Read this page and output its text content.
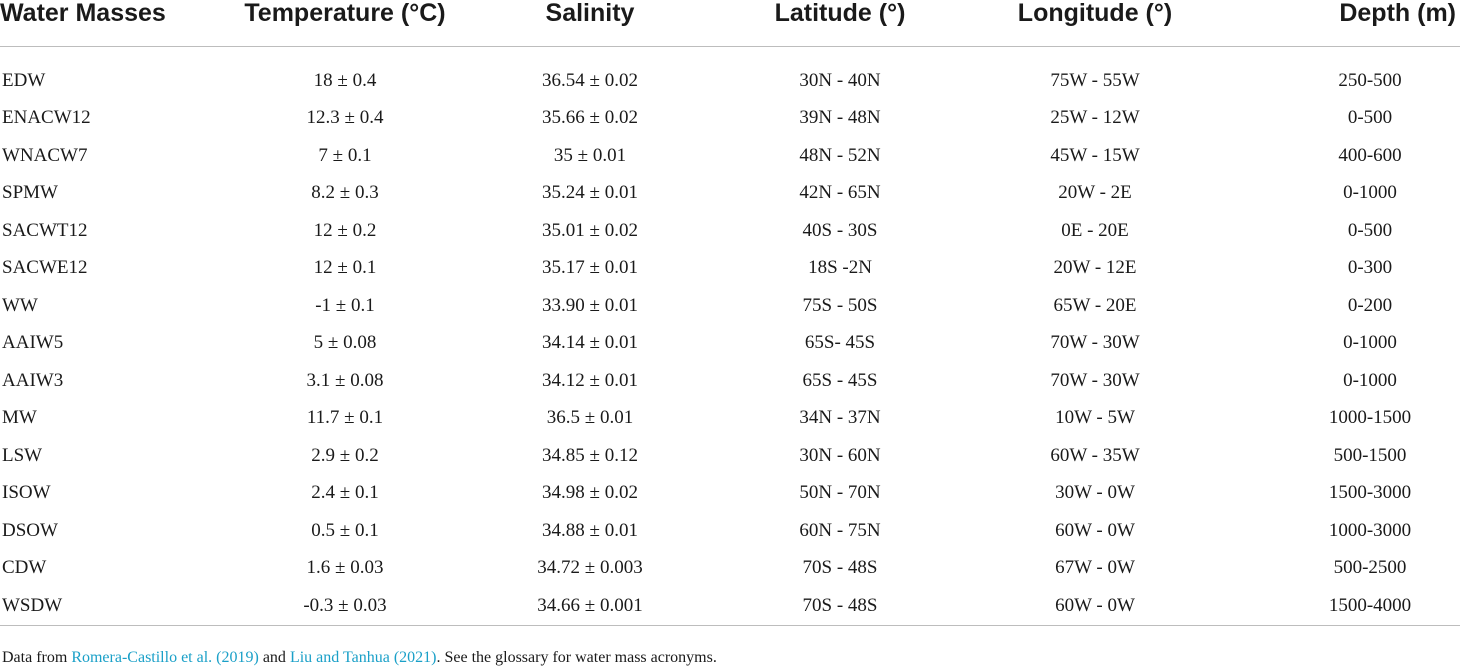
Water Masses	Temperature (°C)	Salinity	Latitude (°)	Longitude (°)	Depth (m)

EDW	18 ± 0.4	36.54 ± 0.02	30N - 40N	75W - 55W	250-500
ENACW12	12.3 ± 0.4	35.66 ± 0.02	39N - 48N	25W - 12W	0-500
WNACW7	7 ± 0.1	35 ± 0.01	48N - 52N	45W - 15W	400-600
SPMW	8.2 ± 0.3	35.24 ± 0.01	42N - 65N	20W - 2E	0-1000
SACWT12	12 ± 0.2	35.01 ± 0.02	40S - 30S	0E - 20E	0-500
SACWE12	12 ± 0.1	35.17 ± 0.01	18S -2N	20W - 12E	0-300
WW	-1 ± 0.1	33.90 ± 0.01	75S - 50S	65W - 20E	0-200
AAIW5	5 ± 0.08	34.14 ± 0.01	65S- 45S	70W - 30W	0-1000
AAIW3	3.1 ± 0.08	34.12 ± 0.01	65S - 45S	70W - 30W	0-1000
MW	11.7 ± 0.1	36.5 ± 0.01	34N - 37N	10W - 5W	1000-1500
LSW	2.9 ± 0.2	34.85 ± 0.12	30N - 60N	60W - 35W	500-1500
ISOW	2.4 ± 0.1	34.98 ± 0.02	50N - 70N	30W - 0W	1500-3000
DSOW	0.5 ± 0.1	34.88 ± 0.01	60N - 75N	60W - 0W	1000-3000
CDW	1.6 ± 0.03	34.72 ± 0.003	70S - 48S	67W - 0W	500-2500
WSDW	-0.3 ± 0.03	34.66 ± 0.001	70S - 48S	60W - 0W	1500-4000
Data from Romera-Castillo et al. (2019) and Liu and Tanhua (2021). See the glossary for water mass acronyms.
